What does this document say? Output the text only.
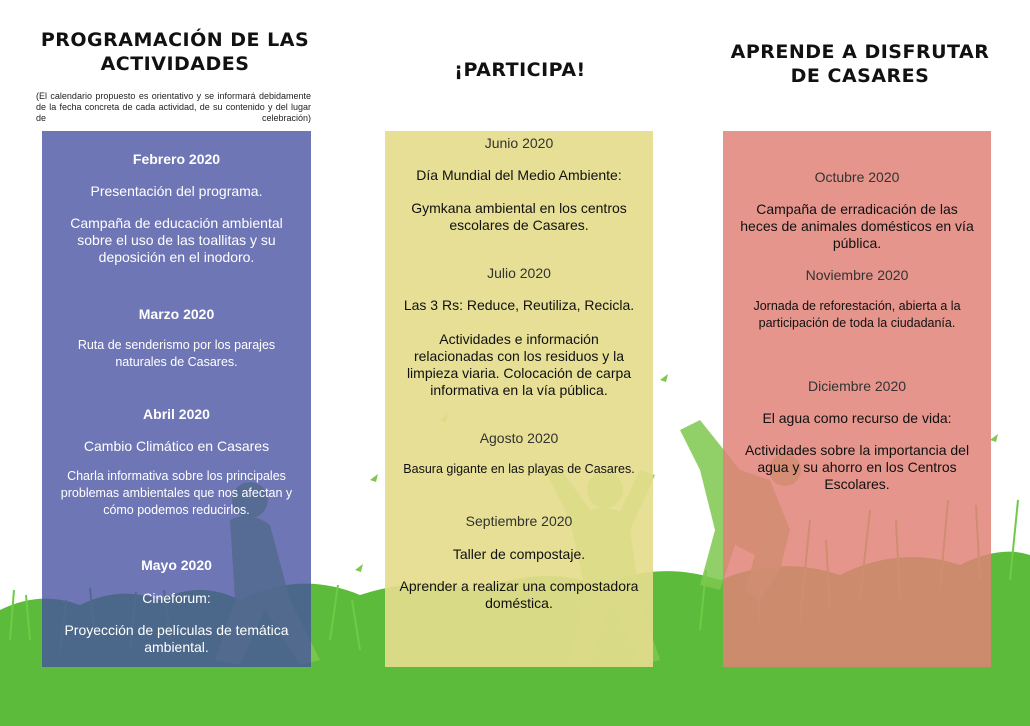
PROGRAMACIÓN DE LAS ACTIVIDADES
(El calendario propuesto es orientativo y se informará debidamente de la fecha concreta de cada actividad, de su contenido y del lugar de celebración)
Febrero 2020
Presentación del programa.
Campaña de educación ambiental sobre el uso de las toallitas y su deposición en el inodoro.
Marzo 2020
Ruta de senderismo por los parajes naturales de Casares.
Abril 2020
Cambio Climático en Casares
Charla informativa sobre los principales problemas ambientales que nos afectan y cómo podemos reducirlos.
Mayo 2020
Cineforum:
Proyección de películas de temática ambiental.
¡PARTICIPA!
Junio 2020
Día Mundial del Medio Ambiente:
Gymkana ambiental en los centros escolares de Casares.
Julio 2020
Las 3 Rs: Reduce, Reutiliza, Recicla.
Actividades e información relacionadas con los residuos y la limpieza viaria. Colocación de carpa informativa en la vía pública.
Agosto 2020
Basura gigante en las playas de Casares.
Septiembre 2020
Taller de compostaje.
Aprender a realizar una compostadora doméstica.
APRENDE A DISFRUTAR DE CASARES
Octubre 2020
Campaña de erradicación de las heces de animales domésticos en vía pública.
Noviembre 2020
Jornada de reforestación, abierta a la participación de toda la ciudadanía.
Diciembre 2020
El agua como recurso de vida:
Actividades sobre la importancia del agua y su ahorro en los Centros Escolares.
